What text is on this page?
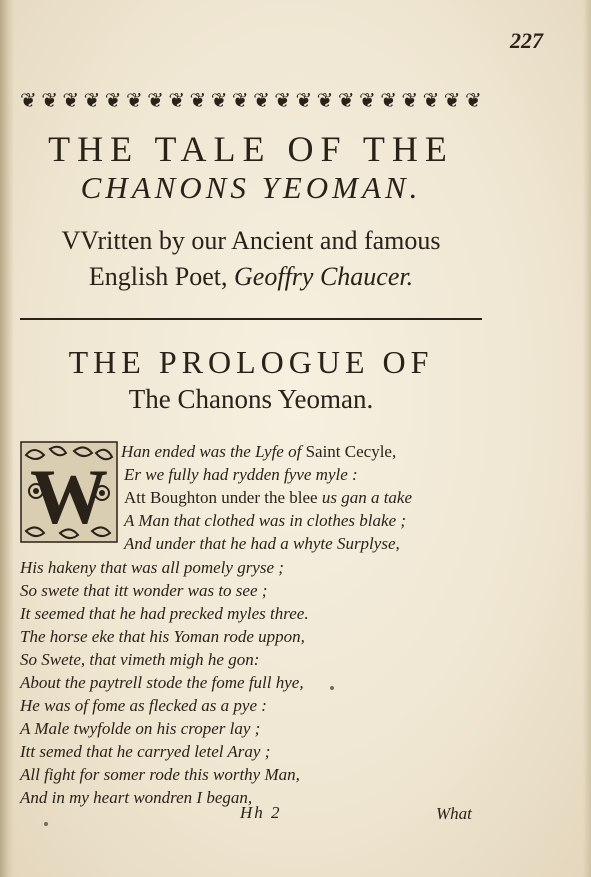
227
❦ ❦ ❦ ❦ ❦ ❦ ❦ ❦ ❦ ❦ ❦ ❦ ❦ ❦ ❦ ❦ ❦ ❦ ❦ ❦ ❦ ❦
THE TALE OF THE
CHANONS YEOMAN.
VVritten by our Ancient and famous
English Poet, Geoffry Chaucer.
THE PROLOGUE OF
The Chanons Yeoman.
W
Han ended was the Lyfe of Saint Cecyle,
Er we fully had rydden fyve myle :
Att Boughton under the blee us gan a take
A Man that clothed was in clothes blake ;
And under that he had a whyte Surplyse,
His hakeny that was all pomely gryse ;
So swete that itt wonder was to see ;
It seemed that he had precked myles three.
The horse eke that his Yoman rode uppon,
So Swete, that vimeth migh he gon:
About the paytrell stode the fome full hye,
He was of fome as flecked as a pye :
A Male twyfolde on his croper lay ;
Itt semed that he carryed letel Aray ;
All fight for somer rode this worthy Man,
And in my heart wondren I began,
Hh 2	What
